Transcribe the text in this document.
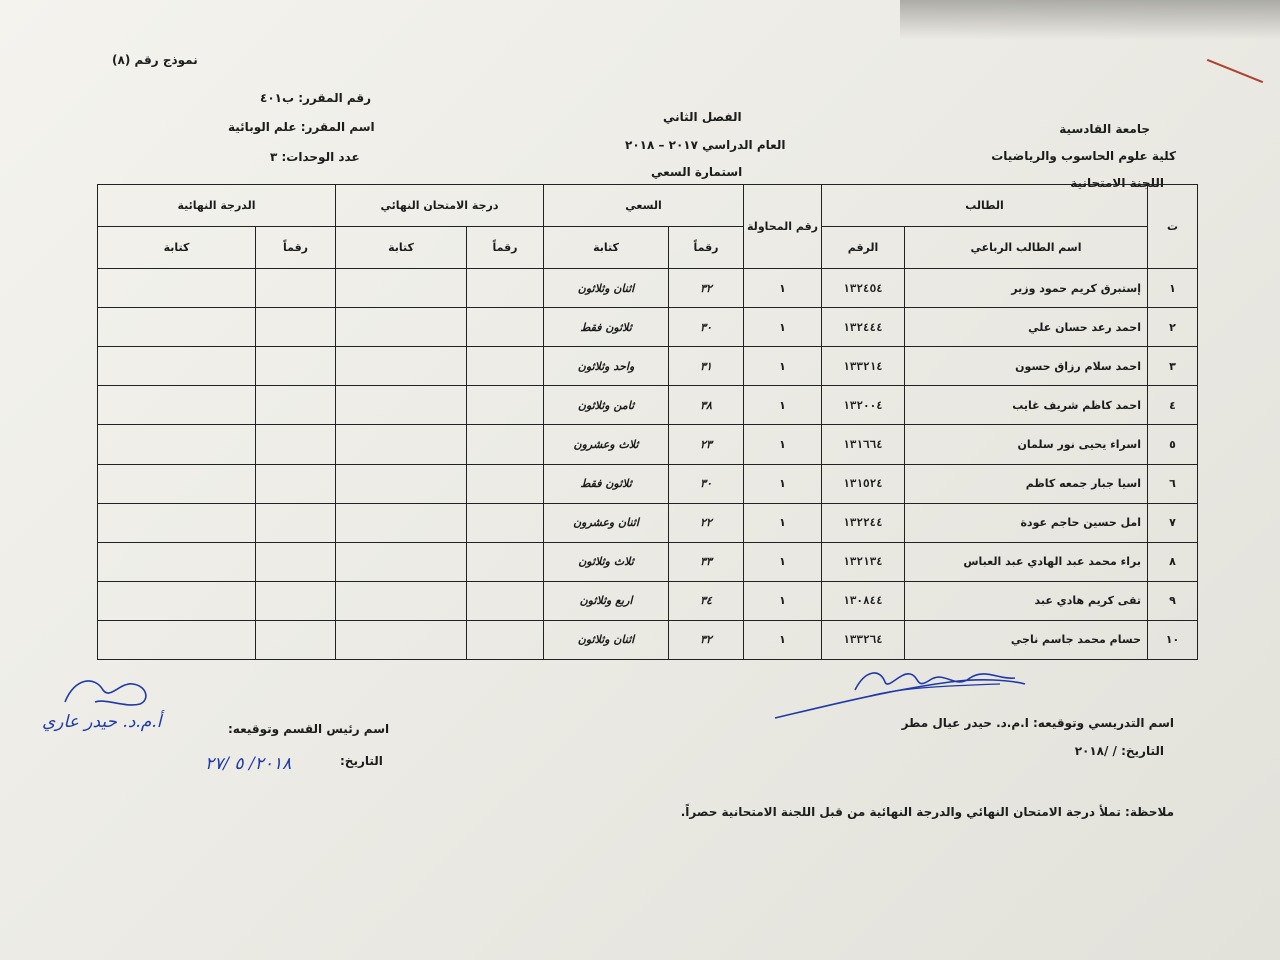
نموذج رقم (٨)
رقم المقرر: ب٤٠١
اسم المقرر: علم الوبائية
عدد الوحدات: ٣
الفصل الثاني
العام الدراسي ٢٠١٧ – ٢٠١٨
استمارة السعي
جامعة القادسية
كلية علوم الحاسوب والرياضيات
اللجنة الامتحانية
ت	الطالب		رقم المحاولة	السعي		درجة الامتحان النهائي		الدرجة النهائية	
	اسم الطالب الرباعي	الرقم		رقماً	كتابة	رقماً	كتابة	رقماً	كتابة
١	إستبرق كريم حمود وزير	١٣٢٤٥٤	١	٣٢	اثنان وثلاثون				
٢	احمد رعد حسان علي	١٣٢٤٤٤	١	٣٠	ثلاثون فقط				
٣	احمد سلام رزاق حسون	١٣٣٢١٤	١	٣١	واحد وثلاثون				
٤	احمد كاظم شريف غايب	١٣٢٠٠٤	١	٣٨	ثامن وثلاثون				
٥	اسراء يحيى نور سلمان	١٣١٦٦٤	١	٢٣	ثلاث وعشرون				
٦	اسيا جبار جمعه كاظم	١٣١٥٢٤	١	٣٠	ثلاثون فقط				
٧	امل حسين حاجم عودة	١٣٢٢٤٤	١	٢٢	اثنان وعشرون				
٨	براء محمد عبد الهادي عبد العباس	١٣٢١٣٤	١	٣٣	ثلاث وثلاثون				
٩	تقى كريم هادي عبد	١٣٠٨٤٤	١	٣٤	اربع وثلاثون				
١٠	حسام محمد جاسم ناجي	١٣٣٢٦٤	١	٣٢	اثنان وثلاثون				
اسم التدريسي وتوقيعه: ا.م.د. حيدر عيال مطر
التاريخ: / /٢٠١٨
اسم رئيس القسم وتوقيعه:
أ.م.د. حيدر عاري
التاريخ:
٢٠١٨/ ٥ /٢٧
ملاحظة: تملأ درجة الامتحان النهائي والدرجة النهائية من قبل اللجنة الامتحانية حصراً.
